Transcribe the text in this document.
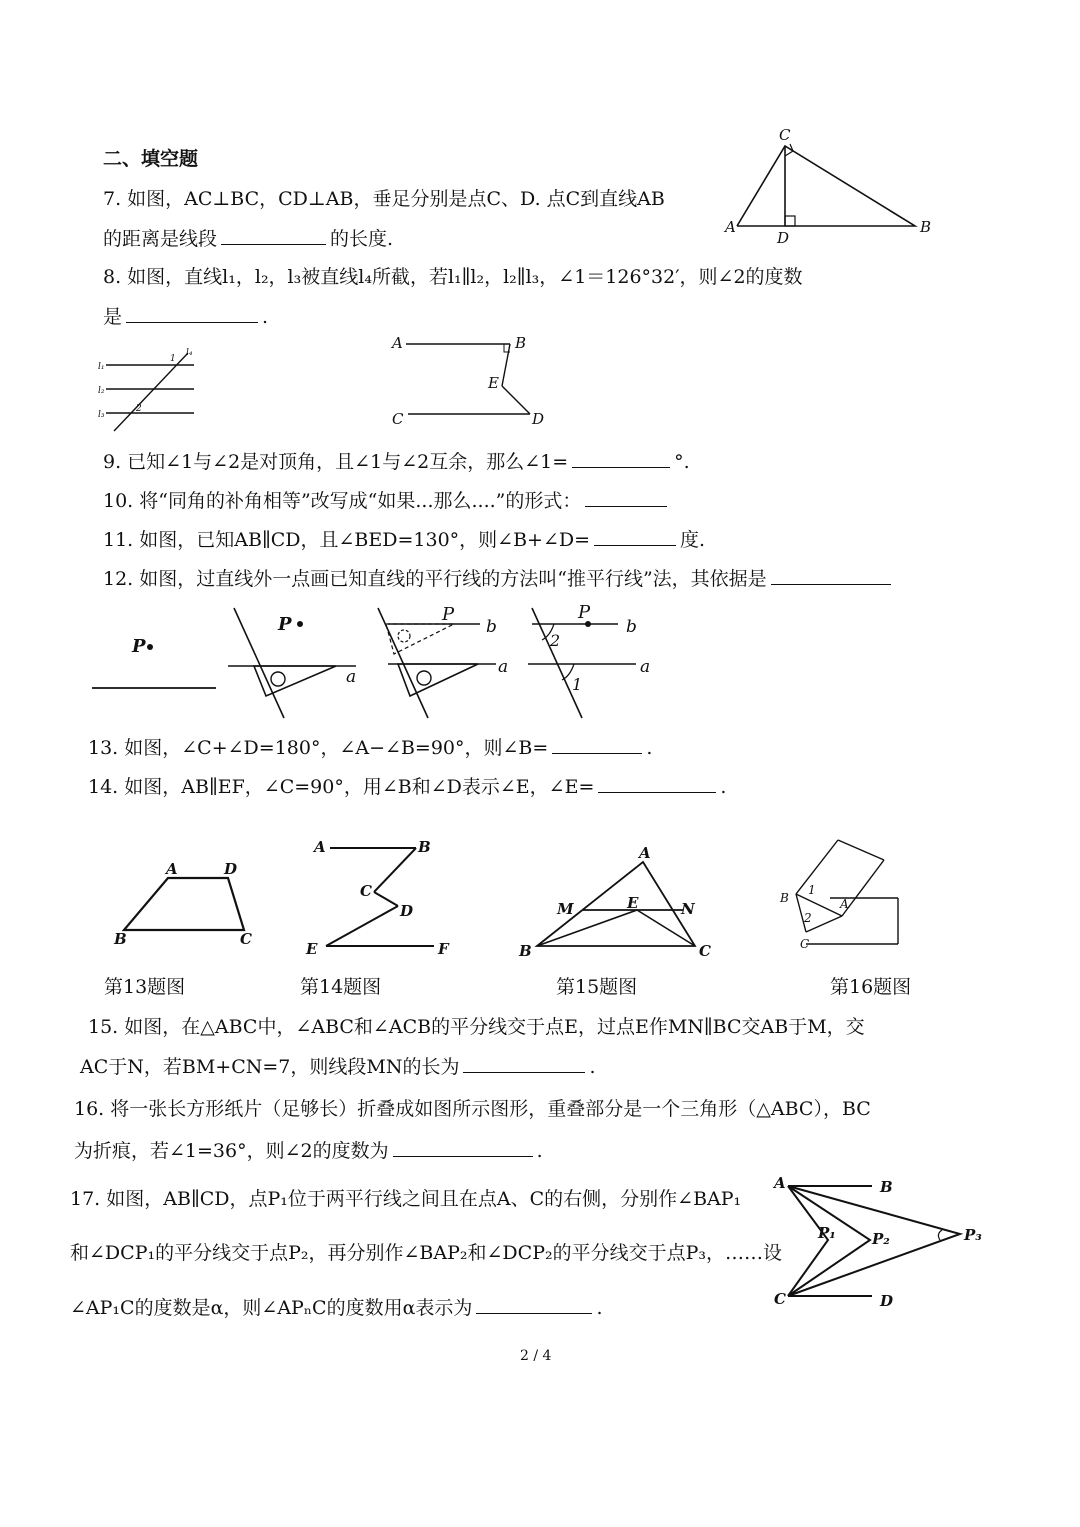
二、填空题
7. 如图，AC⊥BC，CD⊥AB，垂足分别是点C、D. 点C到直线AB
的距离是线段	的长度.
C
A
D
B
8. 如图，直线l₁，l₂，l₃被直线l₄所截，若l₁∥l₂，l₂∥l₃，∠1＝126°32′，则∠2的度数
是	.
l₁
l₂
l₃
l₄
1
2
A	B
E
C	D
9. 已知∠1与∠2是对顶角，且∠1与∠2互余，那么∠1=	°.
10. 将“同角的补角相等”改写成“如果...那么....”的形式：
11. 如图，已知AB∥CD，且∠BED=130°，则∠B+∠D=	度.
12. 如图，过直线外一点画已知直线的平行线的方法叫“推平行线”法，其依据是
P
P
a
P
b
a
P
b
2
a
1
13. 如图，∠C+∠D=180°，∠A−∠B=90°，则∠B=	.
14. 如图，AB∥EF，∠C=90°，用∠B和∠D表示∠E，∠E=	.
A	D
B	C
A	B
C
D
E	F
A
M	E	N
B	C
B
1
A
2
C
第13题图	第14题图	第15题图	第16题图
15. 如图，在△ABC中，∠ABC和∠ACB的平分线交于点E，过点E作MN∥BC交AB于M，交
AC于N，若BM+CN=7，则线段MN的长为	.
16. 将一张长方形纸片（足够长）折叠成如图所示图形，重叠部分是一个三角形（△ABC），BC
为折痕，若∠1=36°，则∠2的度数为	.
17. 如图，AB∥CD，点P₁位于两平行线之间且在点A、C的右侧，分别作∠BAP₁
和∠DCP₁的平分线交于点P₂，再分别作∠BAP₂和∠DCP₂的平分线交于点P₃，……设
∠AP₁C的度数是α，则∠APₙC的度数用α表示为	.
A	B
P₁ P₂	P₃
C	D
2 / 4
